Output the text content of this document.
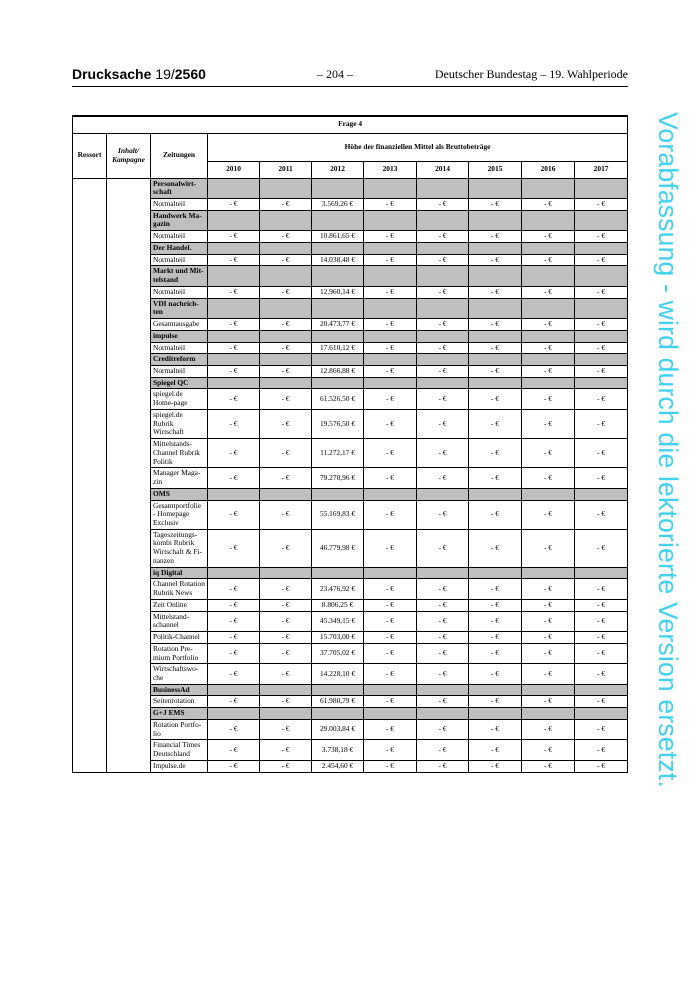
Drucksache 19/2560	– 204 –	Deutscher Bundestag – 19. Wahlperiode
Frage 4										
Ressort	Inhalt/ Kampagne	Zeitungen	Höhe der finanziellen Mittel als Bruttobeträge							
			2010	2011	2012	2013	2014	2015	2016	2017
		Personalwirt-schaft								
		Normalteil	- €	- €	3.569,26 €	- €	- €	- €	- €	- €
		Handwerk Ma-gazin								
		Normalteil	- €	- €	10.861,65 €	- €	- €	- €	- €	- €
		Der Handel.								
		Normalteil	- €	- €	14.038,48 €	- €	- €	- €	- €	- €
		Markt und Mit-telstand								
		Normalteil	- €	- €	12.960,14 €	- €	- €	- €	- €	- €
		VDI nachrich-ten								
		Gesamtausgabe	- €	- €	20.473,77 €	- €	- €	- €	- €	- €
		impulse								
		Normalteil	- €	- €	17.610,12 €	- €	- €	- €	- €	- €
		Creditreform								
		Normalteil	- €	- €	12.866,88 €	- €	- €	- €	- €	- €
		Spiegel QC								
		spiegel.de Home-page	- €	- €	61.526,50 €	- €	- €	- €	- €	- €
		spiegel.de Rubrik Wirtschaft	- €	- €	19.576,50 €	- €	- €	- €	- €	- €
		Mittelstands-Channel Rubrik Politik	- €	- €	11.272,17 €	- €	- €	- €	- €	- €
		Manager Maga-zin	- €	- €	79.270,96 €	- €	- €	- €	- €	- €
		OMS								
		Gesamtportfolie - Homepage Exclusiv	- €	- €	55.169,83 €	- €	- €	- €	- €	- €
		Tageszeitungs-kombi Rubrik Wirtschaft & Fi-nanzen	- €	- €	46.779,98 €	- €	- €	- €	- €	- €
		iq Digital								
		Channel Rotation Rubrik News	- €	- €	23.476,92 €	- €	- €	- €	- €	- €
		Zeit Online	- €	- €	8.806,25 €	- €	- €	- €	- €	- €
		Mittelstand-schannel	- €	- €	45.349,15 €	- €	- €	- €	- €	- €
		Politik-Channel	- €	- €	15.703,00 €	- €	- €	- €	- €	- €
		Rotation Pre-mium Portfolio	- €	- €	37.705,02 €	- €	- €	- €	- €	- €
		Wirtschaftswo-che	- €	- €	14.228,10 €	- €	- €	- €	- €	- €
		BusinessAd								
		Seitenrotation	- €	- €	61.980,79 €	- €	- €	- €	- €	- €
		G+J EMS								
		Rotation Portfo-lio	- €	- €	29.003,84 €	- €	- €	- €	- €	- €
		Financial Times Deutschland	- €	- €	3.738,18 €	- €	- €	- €	- €	- €
		Impulse.de	- €	- €	2.454,60 €	- €	- €	- €	- €	- €	Vorabfassung - wird durch die lektorierte Version ersetzt.
